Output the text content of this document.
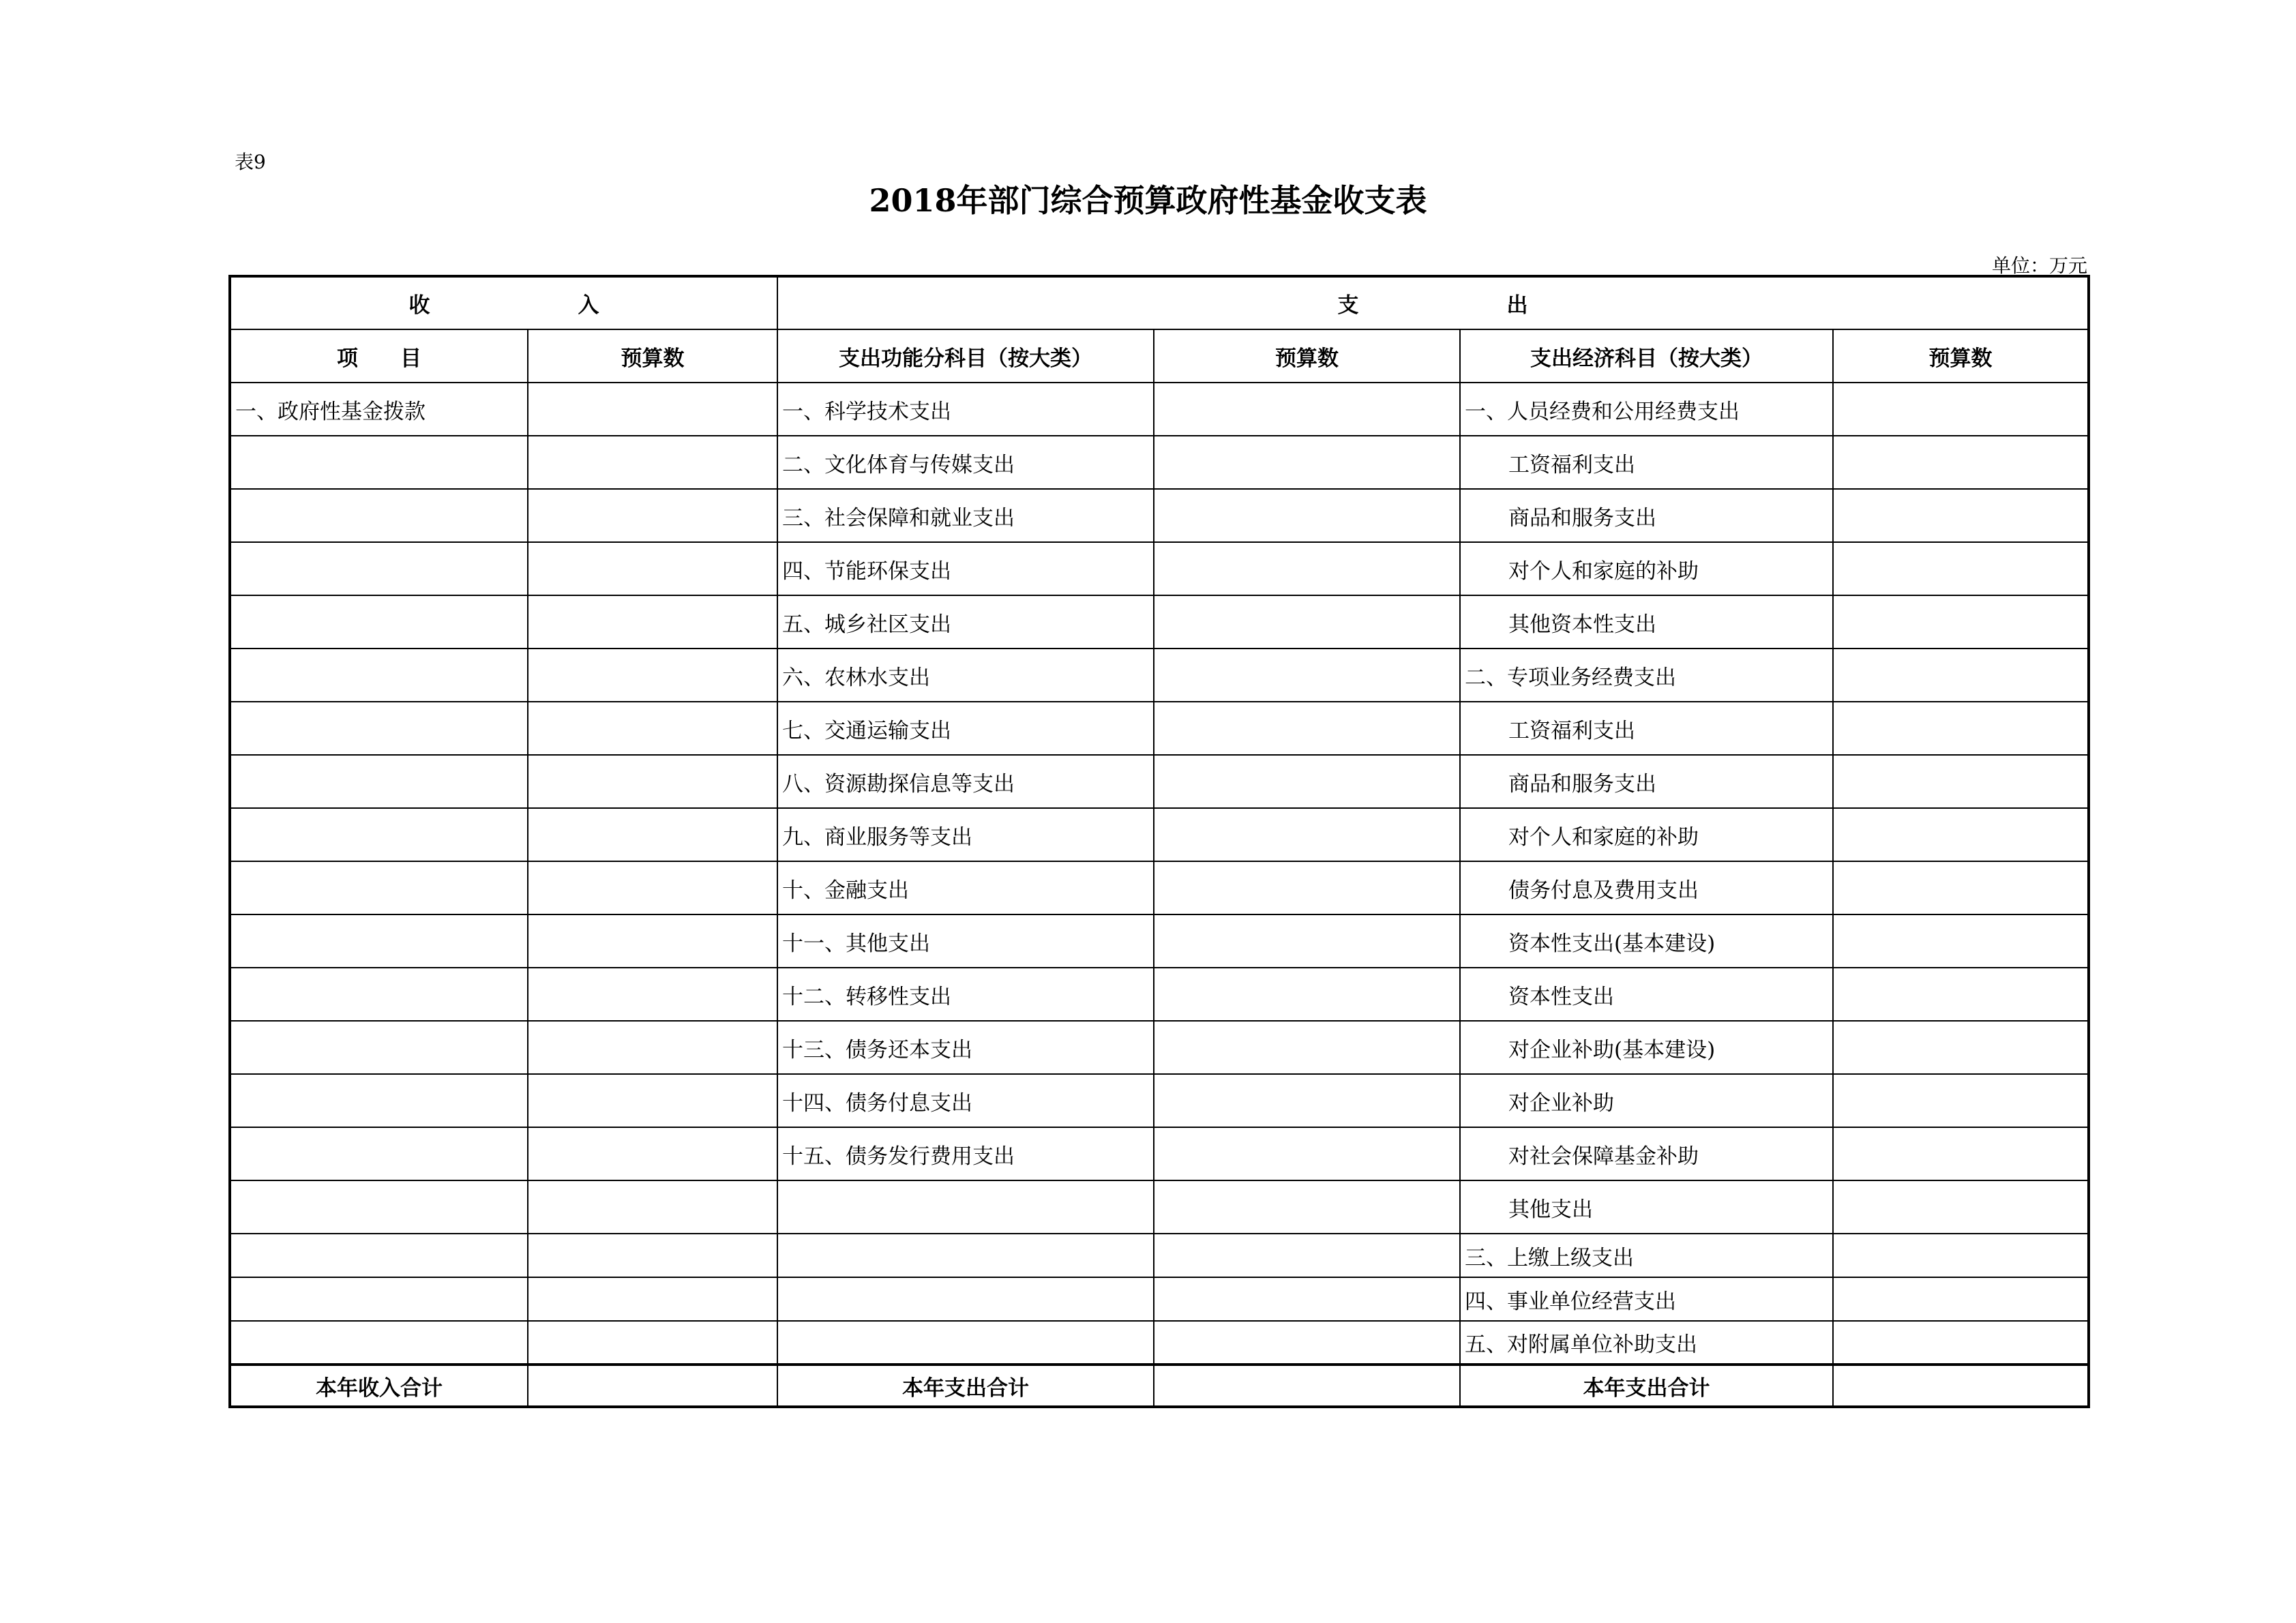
表9
2018年部门综合预算政府性基金收支表
单位：万元
收　　　　　　　入		支　　　　　　　出			
项　　目	预算数	支出功能分科目（按大类）	预算数	支出经济科目（按大类）	预算数
一、政府性基金拨款		一、科学技术支出		一、人员经费和公用经费支出	
		二、文化体育与传媒支出		工资福利支出	
		三、社会保障和就业支出		商品和服务支出	
		四、节能环保支出		对个人和家庭的补助	
		五、城乡社区支出		其他资本性支出	
		六、农林水支出		二、专项业务经费支出	
		七、交通运输支出		工资福利支出	
		八、资源勘探信息等支出		商品和服务支出	
		九、商业服务等支出		对个人和家庭的补助	
		十、金融支出		债务付息及费用支出	
		十一、其他支出		资本性支出(基本建设)	
		十二、转移性支出		资本性支出	
		十三、债务还本支出		对企业补助(基本建设)	
		十四、债务付息支出		对企业补助	
		十五、债务发行费用支出		对社会保障基金补助	
				其他支出	
				三、上缴上级支出	
				四、事业单位经营支出	
				五、对附属单位补助支出	
本年收入合计		本年支出合计		本年支出合计	
